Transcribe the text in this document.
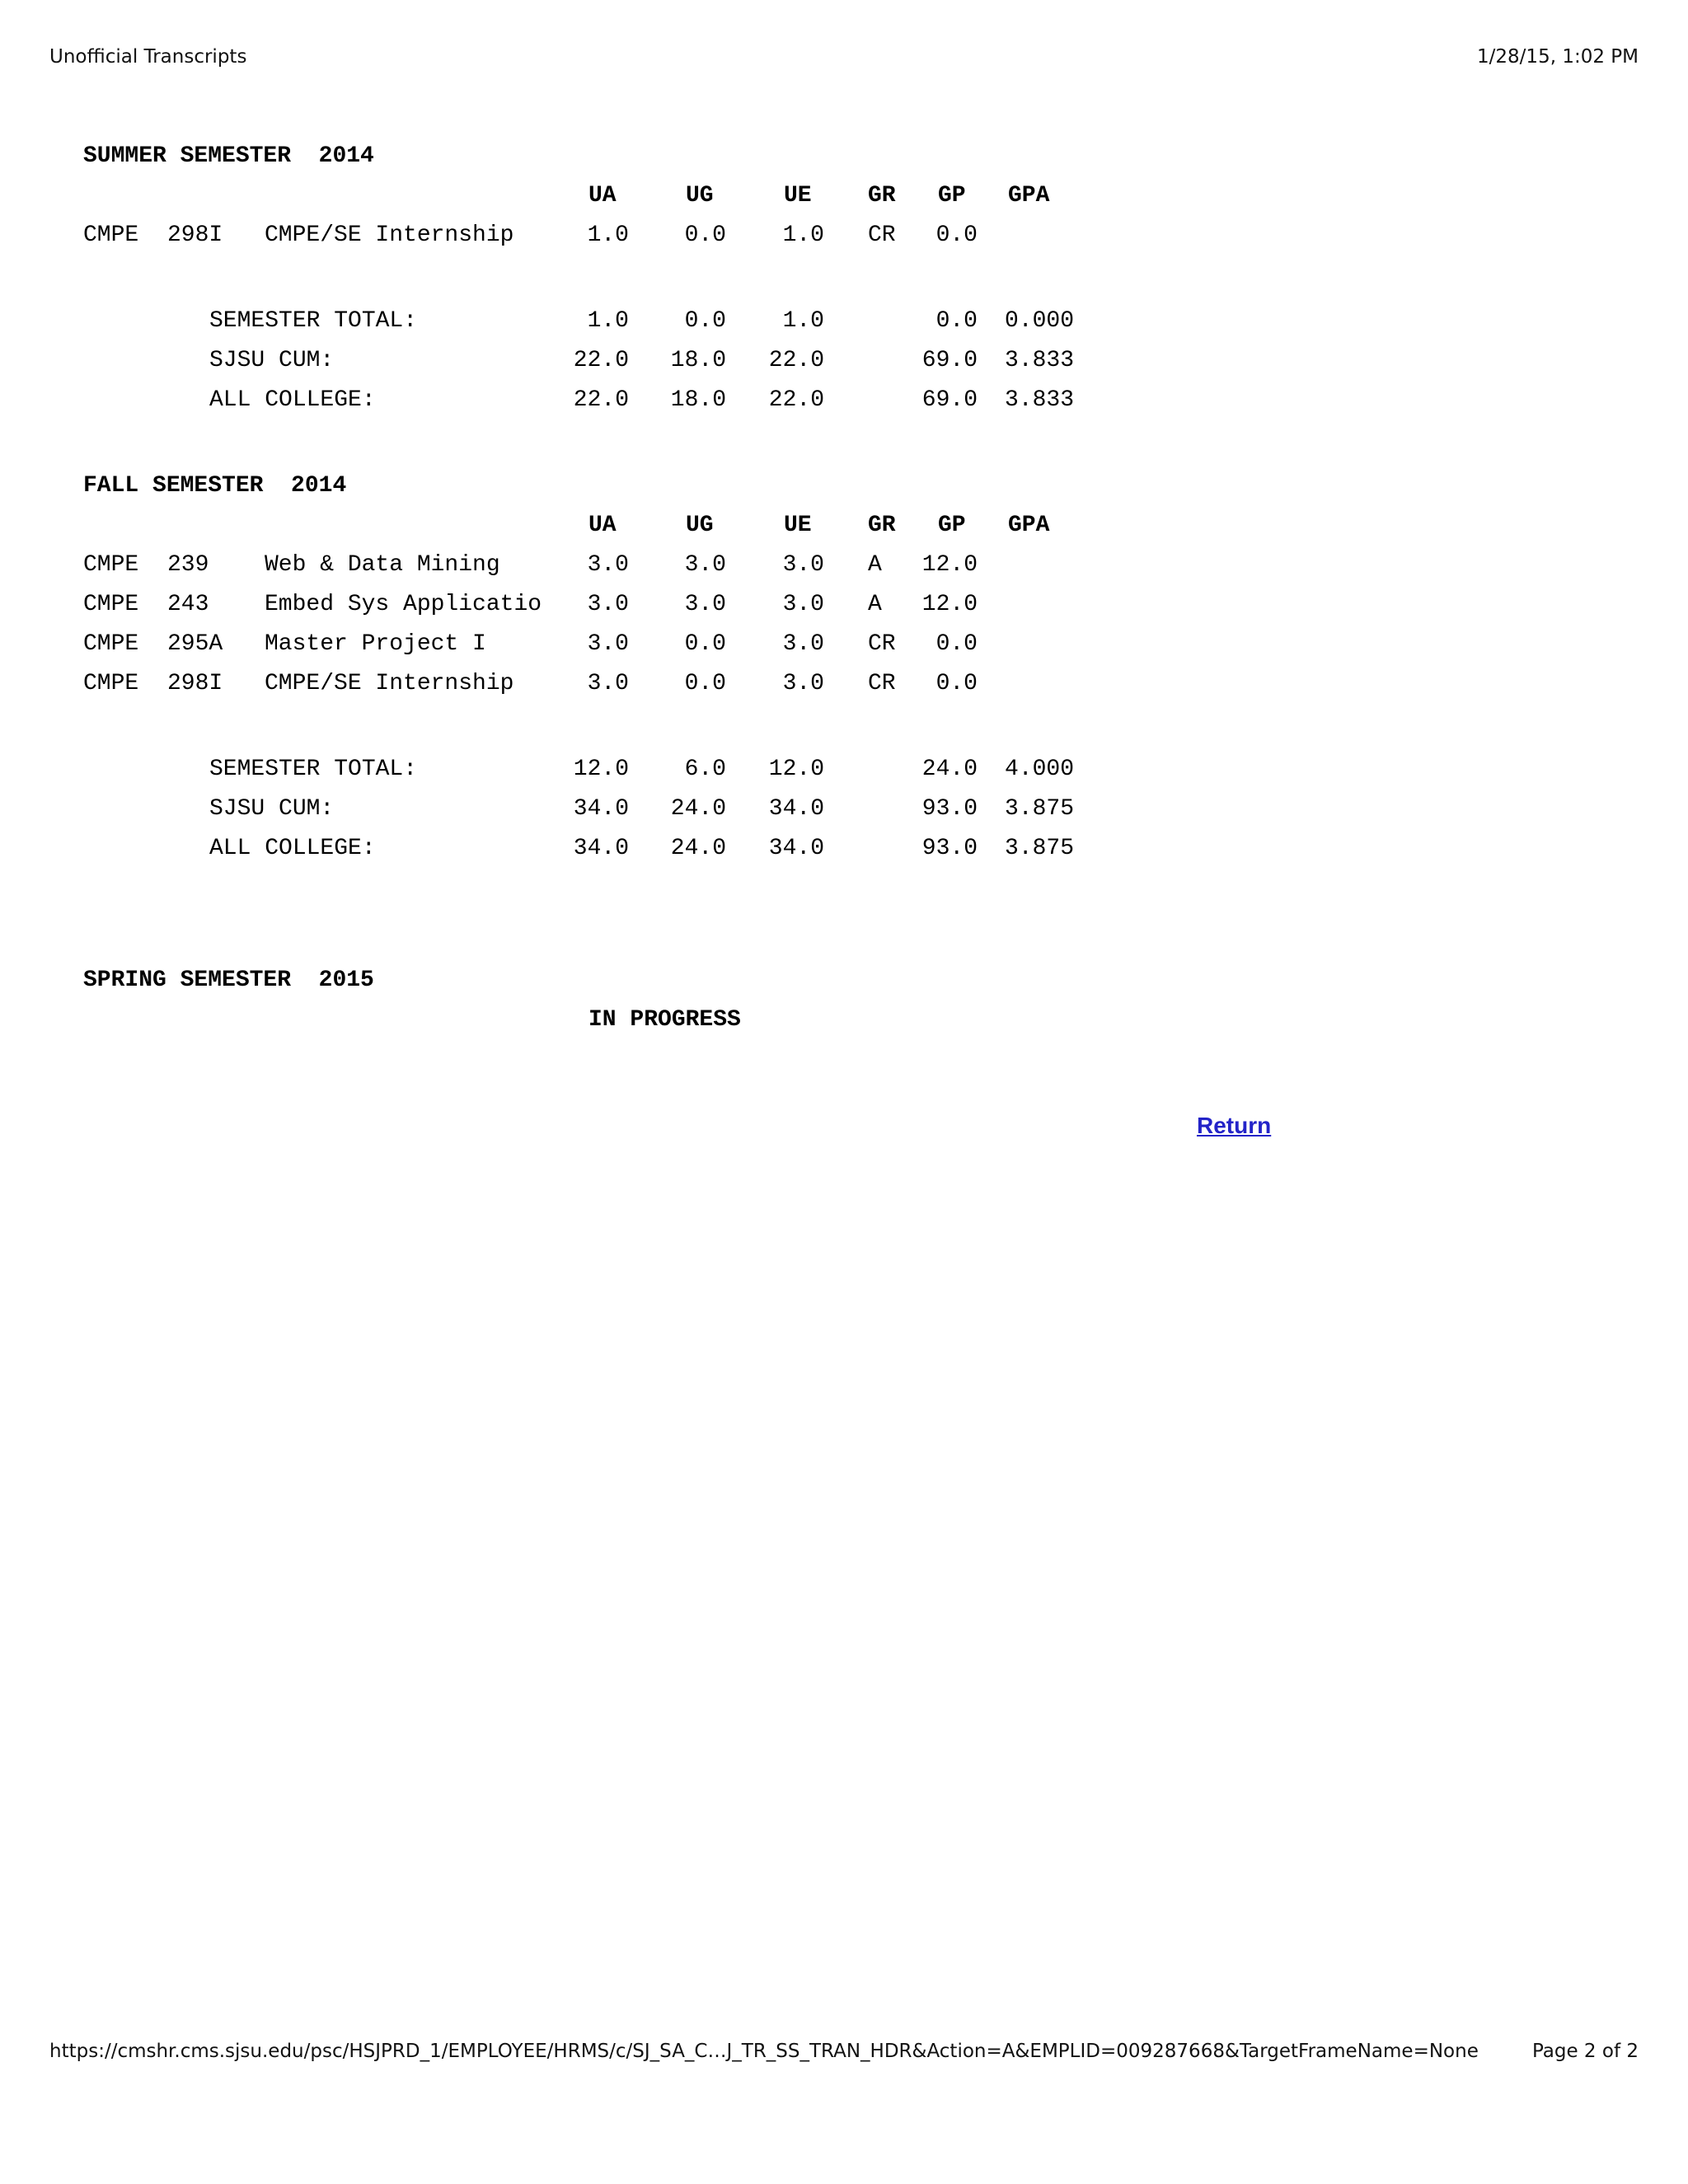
Unofficial Transcripts	1/28/15, 1:02 PM
SUMMER SEMESTER  2014
UA	UG	UE GR GP GPA
CMPE 298I CMPE/SE Internship	1.0	0.0	1.0 CR	0.0
SEMESTER TOTAL:	1.0	0.0	1.0	0.0	0.000
SJSU CUM:	22.0	18.0	22.0	69.0	3.833
ALL COLLEGE:	22.0	18.0	22.0	69.0	3.833
FALL SEMESTER  2014
UA	UG	UE GR GP GPA
CMPE 239 Web & Data Mining	3.0	3.0	3.0 A	12.0
CMPE 243 Embed Sys Applicatio	3.0	3.0	3.0 A	12.0
CMPE 295A Master Project I	3.0	0.0	3.0 CR	0.0
CMPE 298I CMPE/SE Internship	3.0	0.0	3.0 CR	0.0
SEMESTER TOTAL:	12.0	6.0	12.0	24.0	4.000
SJSU CUM:	34.0	24.0	34.0	93.0	3.875
ALL COLLEGE:	34.0	24.0	34.0	93.0	3.875
SPRING SEMESTER  2015
IN PROGRESS
Return
https://cmshr.cms.sjsu.edu/psc/HSJPRD_1/EMPLOYEE/HRMS/c/SJ_SA_C…J_TR_SS_TRAN_HDR&Action=A&EMPLID=009287668&TargetFrameName=None	Page 2 of 2
